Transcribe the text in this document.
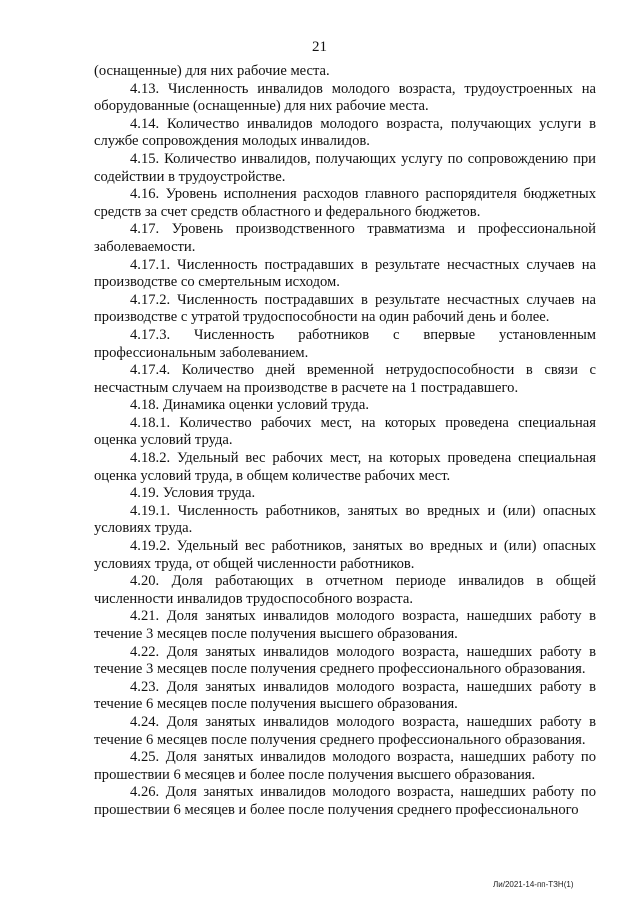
21

(оснащенные) для них рабочие места.

4.13. Численность инвалидов молодого возраста, трудоустроенных на оборудованные (оснащенные) для них рабочие места.

4.14. Количество инвалидов молодого возраста, получающих услуги в службе сопровождения молодых инвалидов.

4.15. Количество инвалидов, получающих услугу по сопровождению при содействии в трудоустройстве.

4.16. Уровень исполнения расходов главного распорядителя бюджетных средств за счет средств областного и федерального бюджетов.

4.17. Уровень производственного травматизма и профессиональной заболеваемости.

4.17.1. Численность пострадавших в результате несчастных случаев на производстве со смертельным исходом.

4.17.2. Численность пострадавших в результате несчастных случаев на производстве с утратой трудоспособности на один рабочий день и более.

4.17.3. Численность работников с впервые установленным профессиональным заболеванием.

4.17.4. Количество дней временной нетрудоспособности в связи с несчастным случаем на производстве в расчете на 1 пострадавшего.

4.18. Динамика оценки условий труда.

4.18.1. Количество рабочих мест, на которых проведена специальная оценка условий труда.

4.18.2. Удельный вес рабочих мест, на которых проведена специальная оценка условий труда, в общем количестве рабочих мест.

4.19. Условия труда.

4.19.1. Численность работников, занятых во вредных и (или) опасных условиях труда.

4.19.2. Удельный вес работников, занятых во вредных и (или) опасных условиях труда, от общей численности работников.

4.20. Доля работающих в отчетном периоде инвалидов в общей численности инвалидов трудоспособного возраста.

4.21. Доля занятых инвалидов молодого возраста, нашедших работу в течение 3 месяцев после получения высшего образования.

4.22. Доля занятых инвалидов молодого возраста, нашедших работу в течение 3 месяцев после получения среднего профессионального образования.

4.23. Доля занятых инвалидов молодого возраста, нашедших работу в течение 6 месяцев после получения высшего образования.

4.24. Доля занятых инвалидов молодого возраста, нашедших работу в течение 6 месяцев после получения среднего профессионального образования.

4.25. Доля занятых инвалидов молодого возраста, нашедших работу по прошествии 6 месяцев и более после получения высшего образования.

4.26. Доля занятых инвалидов молодого возраста, нашедших работу по прошествии 6 месяцев и более после получения среднего профессионального

Ли/2021-14-пп-ТЗН(1)
